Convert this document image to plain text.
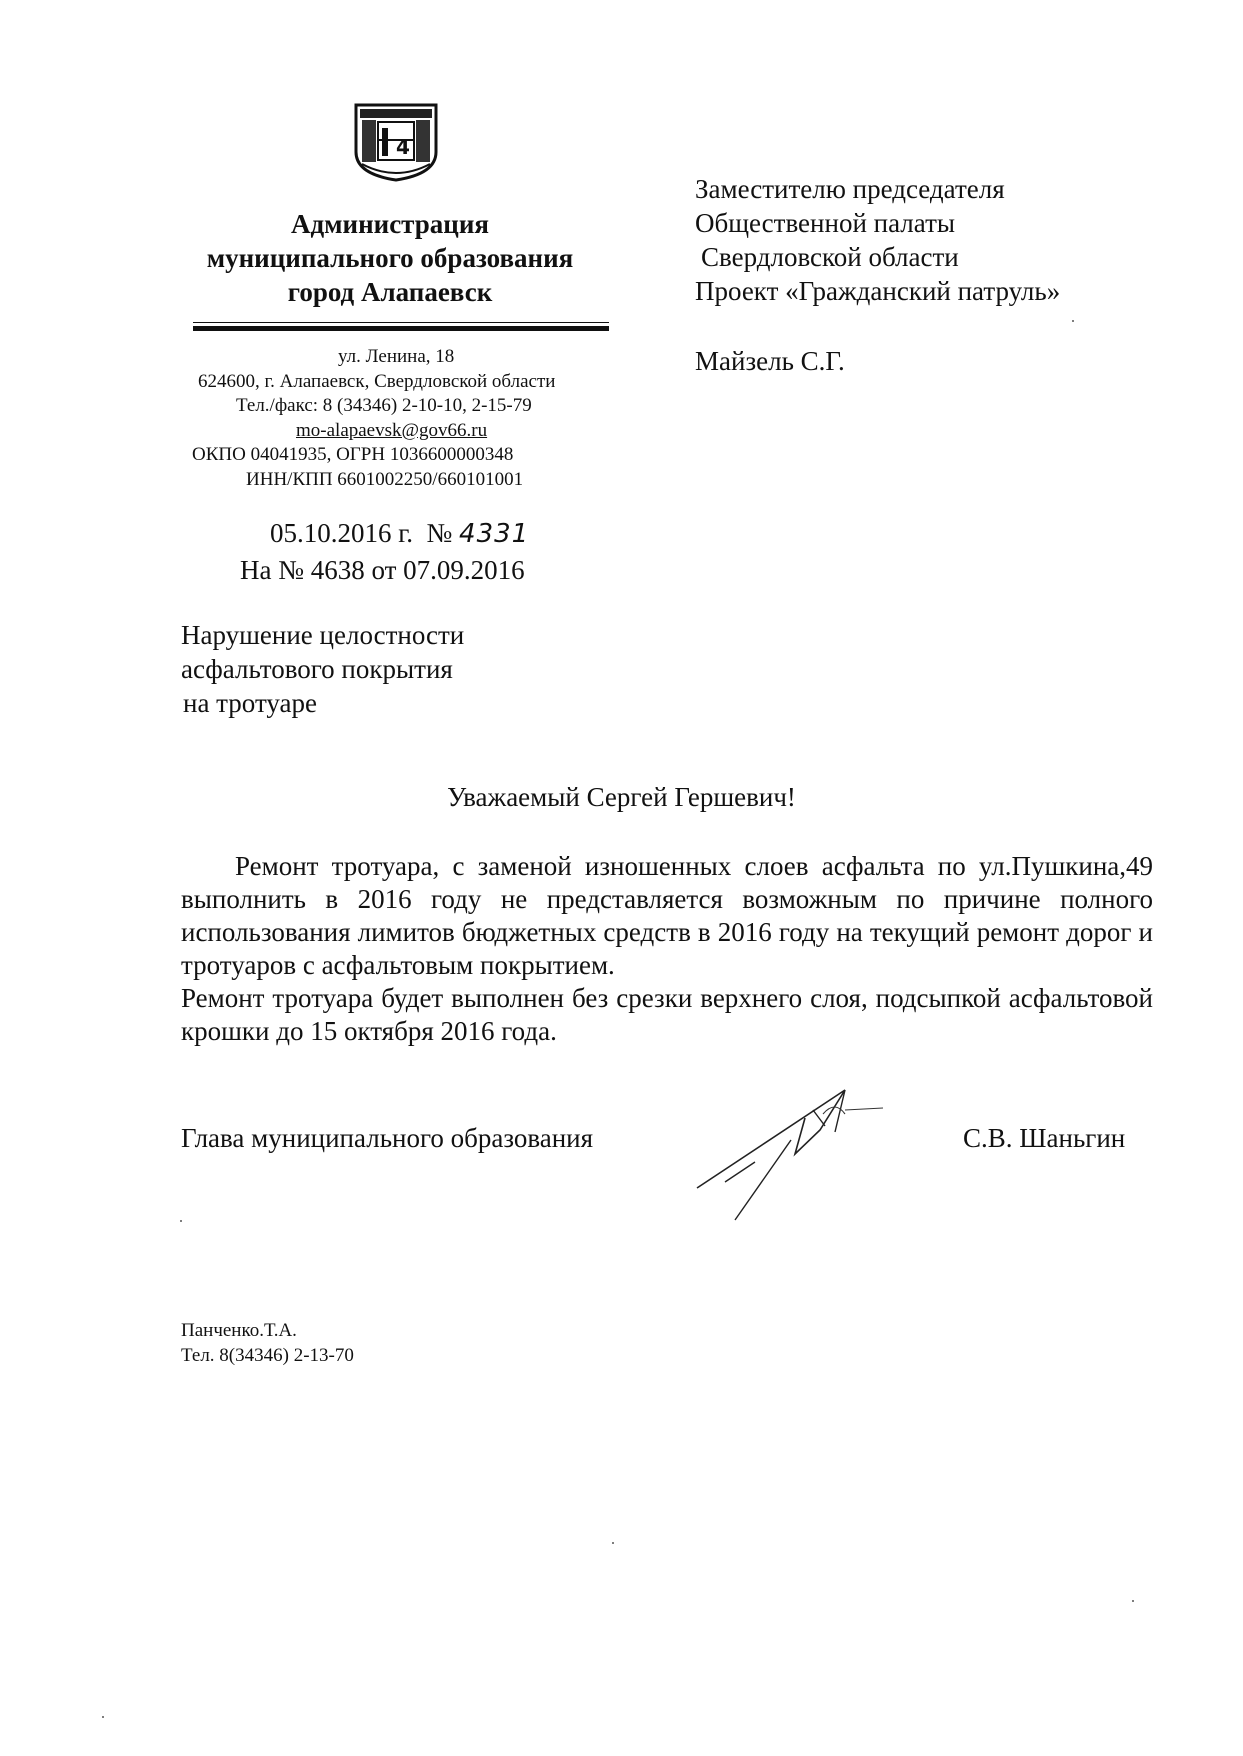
4
Администрация
муниципального образования
город Алапаевск
ул. Ленина, 18
624600, г. Алапаевск, Свердловской области
Тел./факс: 8 (34346) 2-10-10, 2-15-79
mo-alapaevsk@gov66.ru
ОКПО 04041935, ОГРН 1036600000348
ИНН/КПП 6601002250/660101001
05.10.2016 г. № 4331
На № 4638 от 07.09.2016
Заместителю председателя
Общественной палаты
Свердловской области
Проект «Гражданский патруль»
Майзель С.Г.
Нарушение целостности
асфальтового покрытия
на тротуаре
Уважаемый Сергей Гершевич!
Ремонт тротуара, с заменой изношенных слоев асфальта по ул.Пушкина,49 выполнить в 2016 году не представляется возможным по причине полного использования лимитов бюджетных средств в 2016 году на текущий ремонт дорог и тротуаров с асфальтовым покрытием.
Ремонт тротуара будет выполнен без срезки верхнего слоя, подсыпкой асфальтовой крошки до 15 октября 2016 года.
Глава муниципального образования	С.В. Шаньгин
Панченко.Т.А.
Тел. 8(34346) 2-13-70
